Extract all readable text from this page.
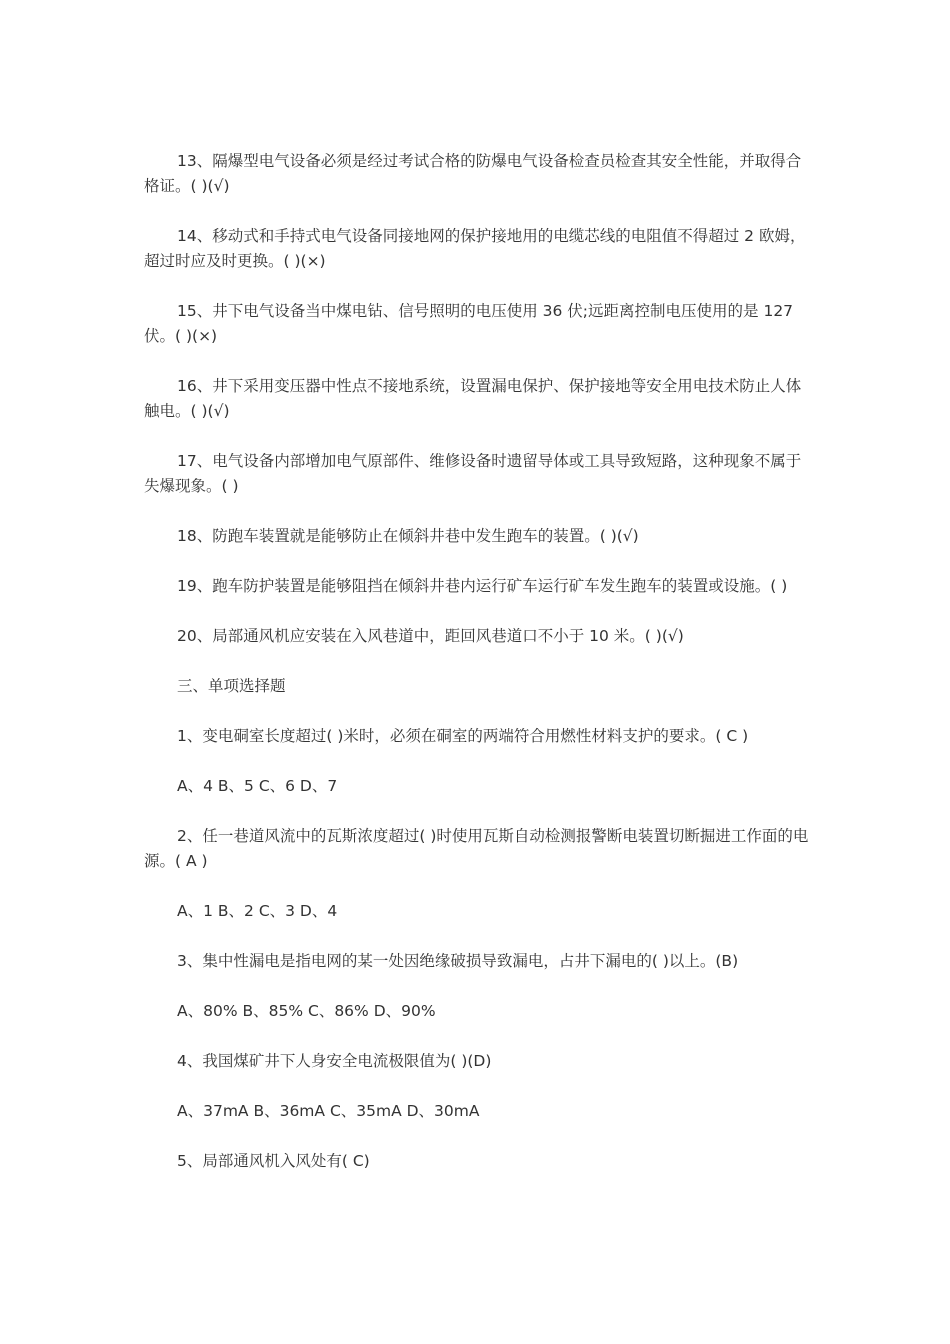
13、隔爆型电气设备必须是经过考试合格的防爆电气设备检查员检查其安全性能，并取得合格证。( )(√)

14、移动式和手持式电气设备同接地网的保护接地用的电缆芯线的电阻值不得超过 2 欧姆，超过时应及时更换。( )(×)

15、井下电气设备当中煤电钻、信号照明的电压使用 36 伏;远距离控制电压使用的是 127 伏。( )(×)

16、井下采用变压器中性点不接地系统，设置漏电保护、保护接地等安全用电技术防止人体触电。( )(√)

17、电气设备内部增加电气原部件、维修设备时遗留导体或工具导致短路，这种现象不属于失爆现象。( )

18、防跑车装置就是能够防止在倾斜井巷中发生跑车的装置。( )(√)

19、跑车防护装置是能够阻挡在倾斜井巷内运行矿车运行矿车发生跑车的装置或设施。( )

20、局部通风机应安装在入风巷道中，距回风巷道口不小于 10 米。( )(√)

三、单项选择题

1、变电硐室长度超过( )米时，必须在硐室的两端符合用燃性材料支护的要求。( C )

A、4 B、5 C、6 D、7

2、任一巷道风流中的瓦斯浓度超过( )时使用瓦斯自动检测报警断电装置切断掘进工作面的电源。( A )

A、1 B、2 C、3 D、4

3、集中性漏电是指电网的某一处因绝缘破损导致漏电，占井下漏电的( )以上。(B)

A、80% B、85% C、86% D、90%

4、我国煤矿井下人身安全电流极限值为( )(D)

A、37mA B、36mA C、35mA D、30mA

5、局部通风机入风处有( C)
